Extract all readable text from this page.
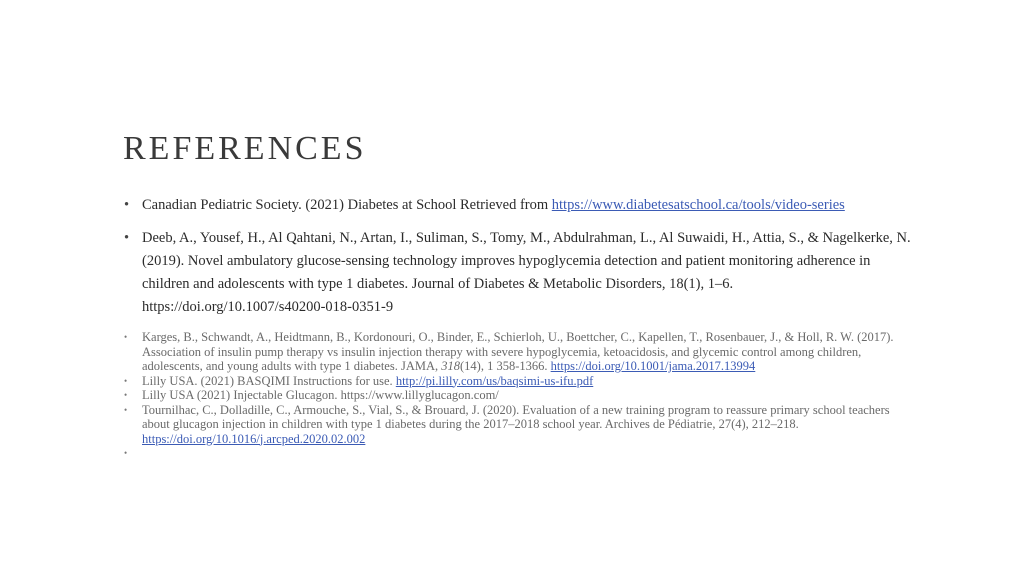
REFERENCES
• Canadian Pediatric Society. (2021) Diabetes at School Retrieved from https://www.diabetesatschool.ca/tools/video-series
• Deeb, A., Yousef, H., Al Qahtani, N., Artan, I., Suliman, S., Tomy, M., Abdulrahman, L., Al Suwaidi, H., Attia, S., & Nagelkerke, N. (2019). Novel ambulatory glucose-sensing technology improves hypoglycemia detection and patient monitoring adherence in children and adolescents with type 1 diabetes. Journal of Diabetes & Metabolic Disorders, 18(1), 1–6. https://doi.org/10.1007/s40200-018-0351-9
• Karges, B., Schwandt, A., Heidtmann, B., Kordonouri, O., Binder, E., Schierloh, U., Boettcher, C., Kapellen, T., Rosenbauer, J., & Holl, R. W. (2017). Association of insulin pump therapy vs insulin injection therapy with severe hypoglycemia, ketoacidosis, and glycemic control among children, adolescents, and young adults with type 1 diabetes. JAMA, 318(14), 1 358-1366. https://doi.org/10.1001/jama.2017.13994
• Lilly USA. (2021) BASQIMI Instructions for use. http://pi.lilly.com/us/baqsimi-us-ifu.pdf
• Lilly USA (2021) Injectable Glucagon. https://www.lillyglucagon.com/
• Tournilhac, C., Dolladille, C., Armouche, S., Vial, S., & Brouard, J. (2020). Evaluation of a new training program to reassure primary school teachers about glucagon injection in children with type 1 diabetes during the 2017–2018 school year. Archives de Pédiatrie, 27(4), 212–218. https://doi.org/10.1016/j.arcped.2020.02.002
•
